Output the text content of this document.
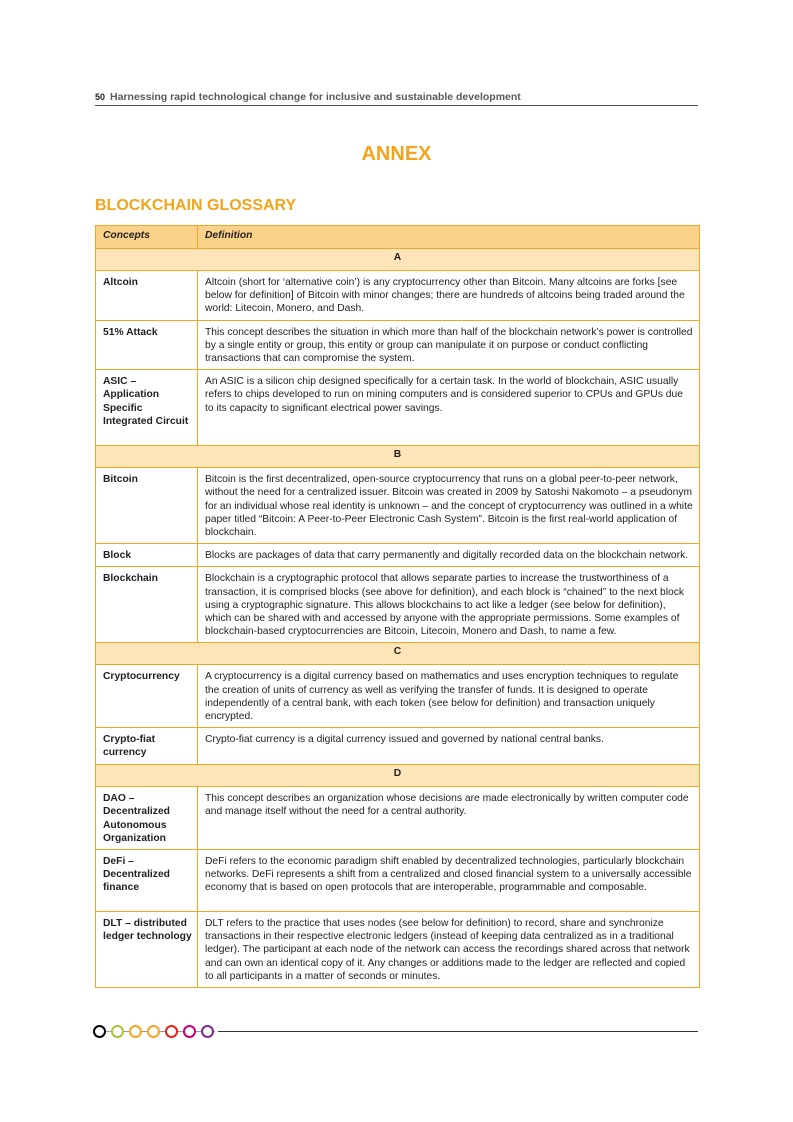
50 Harnessing rapid technological change for inclusive and sustainable development
ANNEX
BLOCKCHAIN GLOSSARY
Concepts	Definition
A	
Altcoin	Altcoin (short for ‘alternative coin’) is any cryptocurrency other than Bitcoin. Many altcoins are forks [see below for definition] of Bitcoin with minor changes; there are hundreds of altcoins being traded around the world: Litecoin, Monero, and Dash.
51% Attack	This concept describes the situation in which more than half of the blockchain network’s power is controlled by a single entity or group, this entity or group can manipulate it on purpose or conduct conflicting transactions that can compromise the system.
ASIC – Application Specific Integrated Circuit	An ASIC is a silicon chip designed specifically for a certain task. In the world of blockchain, ASIC usually refers to chips developed to run on mining computers and is considered superior to CPUs and GPUs due to its capacity to significant electrical power savings.
B	
Bitcoin	Bitcoin is the first decentralized, open-source cryptocurrency that runs on a global peer-to-peer network, without the need for a centralized issuer. Bitcoin was created in 2009 by Satoshi Nakomoto – a pseudonym for an individual whose real identity is unknown – and the concept of cryptocurrency was outlined in a white paper titled “Bitcoin: A Peer-to-Peer Electronic Cash System”. Bitcoin is the first real-world application of blockchain.
Block	Blocks are packages of data that carry permanently and digitally recorded data on the blockchain network.
Blockchain	Blockchain is a cryptographic protocol that allows separate parties to increase the trustworthiness of a transaction, it is comprised blocks (see above for definition), and each block is “chained” to the next block using a cryptographic signature. This allows blockchains to act like a ledger (see below for definition), which can be shared with and accessed by anyone with the appropriate permissions. Some examples of blockchain-based cryptocurrencies are Bitcoin, Litecoin, Monero and Dash, to name a few.
C	
Cryptocurrency	A cryptocurrency is a digital currency based on mathematics and uses encryption techniques to regulate the creation of units of currency as well as verifying the transfer of funds. It is designed to operate independently of a central bank, with each token (see below for definition) and transaction uniquely encrypted.
Crypto-fiat currency	Crypto-fiat currency is a digital currency issued and governed by national central banks.
D	
DAO – Decentralized Autonomous Organization	This concept describes an organization whose decisions are made electronically by written computer code and manage itself without the need for a central authority.
DeFi – Decentralized finance	DeFi refers to the economic paradigm shift enabled by decentralized technologies, particularly blockchain networks. DeFi represents a shift from a centralized and closed financial system to a universally accessible economy that is based on open protocols that are interoperable, programmable and composable.
DLT – distributed ledger technology	DLT refers to the practice that uses nodes (see below for definition) to record, share and synchronize transactions in their respective electronic ledgers (instead of keeping data centralized as in a traditional ledger). The participant at each node of the network can access the recordings shared across that network and can own an identical copy of it. Any changes or additions made to the ledger are reflected and copied to all participants in a matter of seconds or minutes.
